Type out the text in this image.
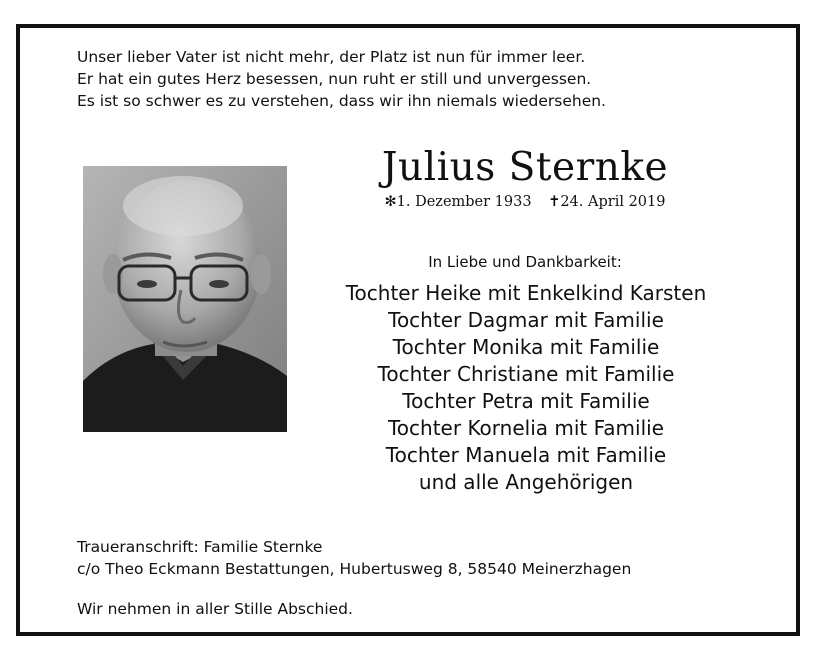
Unser lieber Vater ist nicht mehr, der Platz ist nun für immer leer.
Er hat ein gutes Herz besessen, nun ruht er still und unvergessen.
Es ist so schwer es zu verstehen, dass wir ihn niemals wiedersehen.
Julius Sternke
✻1. Dezember 1933 ✝24. April 2019
In Liebe und Dankbarkeit:
Tochter Heike mit Enkelkind Karsten
Tochter Dagmar mit Familie
Tochter Monika mit Familie
Tochter Christiane mit Familie
Tochter Petra mit Familie
Tochter Kornelia mit Familie
Tochter Manuela mit Familie
und alle Angehörigen
Traueranschrift: Familie Sternke
c/o Theo Eckmann Bestattungen, Hubertusweg 8, 58540 Meinerzhagen
Wir nehmen in aller Stille Abschied.
